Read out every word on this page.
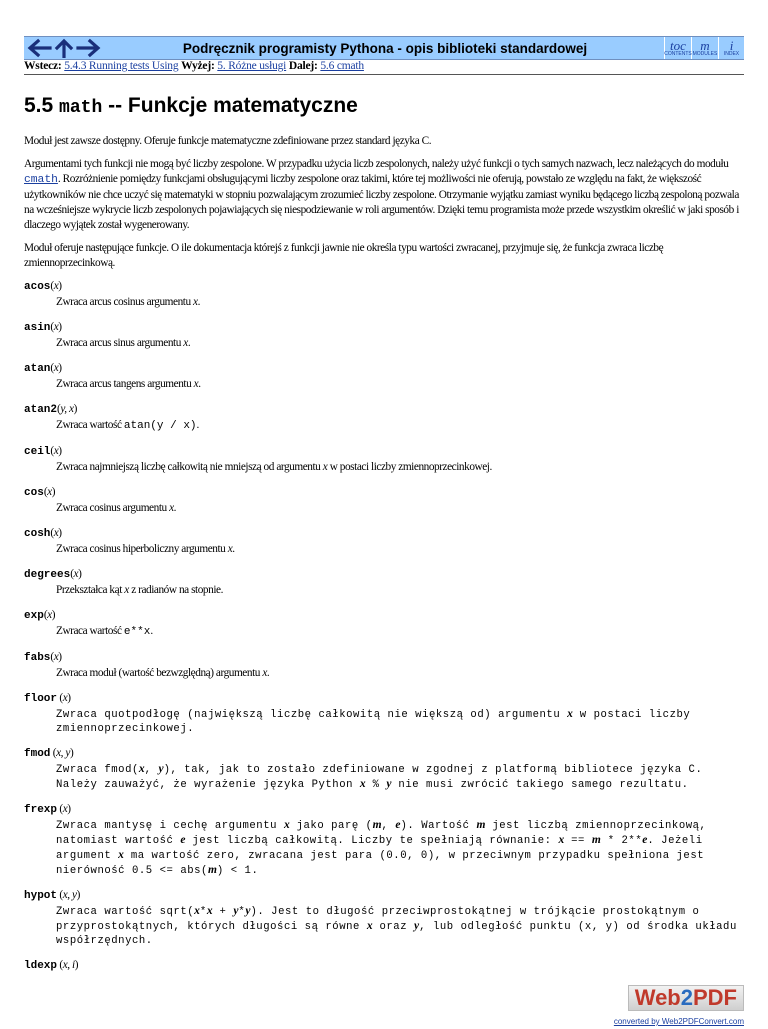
Podręcznik programisty Pythona - opis biblioteki standardowej	toc
CONTENTS
m
MODULES
i
INDEX
Wstecz: 5.4.3 Running tests Using Wyżej: 5. Różne usługi Dalej: 5.6 cmath
5.5 math -- Funkcje matematyczne

Moduł jest zawsze dostępny. Oferuje funkcje matematyczne zdefiniowane przez standard języka C.

Argumentami tych funkcji nie mogą być liczby zespolone. W przypadku użycia liczb zespolonych, należy użyć funkcji o tych samych nazwach, lecz należących do modułu cmath. Rozróżnienie pomiędzy funkcjami obsługującymi liczby zespolone oraz takimi, które tej możliwości nie oferują, powstało ze względu na fakt, że większość użytkowników nie chce uczyć się matematyki w stopniu pozwalającym zrozumieć liczby zespolone. Otrzymanie wyjątku zamiast wyniku będącego liczbą zespoloną pozwala na wcześniejsze wykrycie liczb zespolonych pojawiających się niespodziewanie w roli argumentów. Dzięki temu programista może przede wszystkim określić w jaki sposób i dlaczego wyjątek został wygenerowany.

Moduł oferuje następujące funkcje. O ile dokumentacja którejś z funkcji jawnie nie określa typu wartości zwracanej, przyjmuje się, że funkcja zwraca liczbę zmiennoprzecinkową.

acos(x)
Zwraca arcus cosinus argumentu x.
asin(x)
Zwraca arcus sinus argumentu x.
atan(x)
Zwraca arcus tangens argumentu x.
atan2(y, x)
Zwraca wartość atan(y / x).
ceil(x)
Zwraca najmniejszą liczbę całkowitą nie mniejszą od argumentu x w postaci liczby zmiennoprzecinkowej.
cos(x)
Zwraca cosinus argumentu x.
cosh(x)
Zwraca cosinus hiperboliczny argumentu x.
degrees(x)
Przekształca kąt x z radianów na stopnie.
exp(x)
Zwraca wartość e**x.
fabs(x)
Zwraca moduł (wartość bezwzględną) argumentu x.
floor (x)
Zwraca quotpodłogę (największą liczbę całkowitą nie większą od) argumentu x w postaci liczby zmiennoprzecinkowej.
fmod (x, y)
Zwraca fmod(x, y), tak, jak to zostało zdefiniowane w zgodnej z platformą bibliotece języka C. Należy zauważyć, że wyrażenie języka Python x % y nie musi zwrócić takiego samego rezultatu.
frexp (x)
Zwraca mantysę i cechę argumentu x jako parę (m, e). Wartość m jest liczbą zmiennoprzecinkową, natomiast wartość e jest liczbą całkowitą. Liczby te spełniają równanie: x == m * 2**e. Jeżeli argument x ma wartość zero, zwracana jest para (0.0, 0), w przeciwnym przypadku spełniona jest nierówność 0.5 <= abs(m) < 1.
hypot (x, y)
Zwraca wartość sqrt(x*x + y*y). Jest to długość przeciwprostokątnej w trójkącie prostokątnym o przyprostokątnych, których długości są równe x oraz y, lub odległość punktu (x, y) od środka układu współrzędnych.
ldexp (x, i)
Web2PDF
converted by Web2PDFConvert.com
